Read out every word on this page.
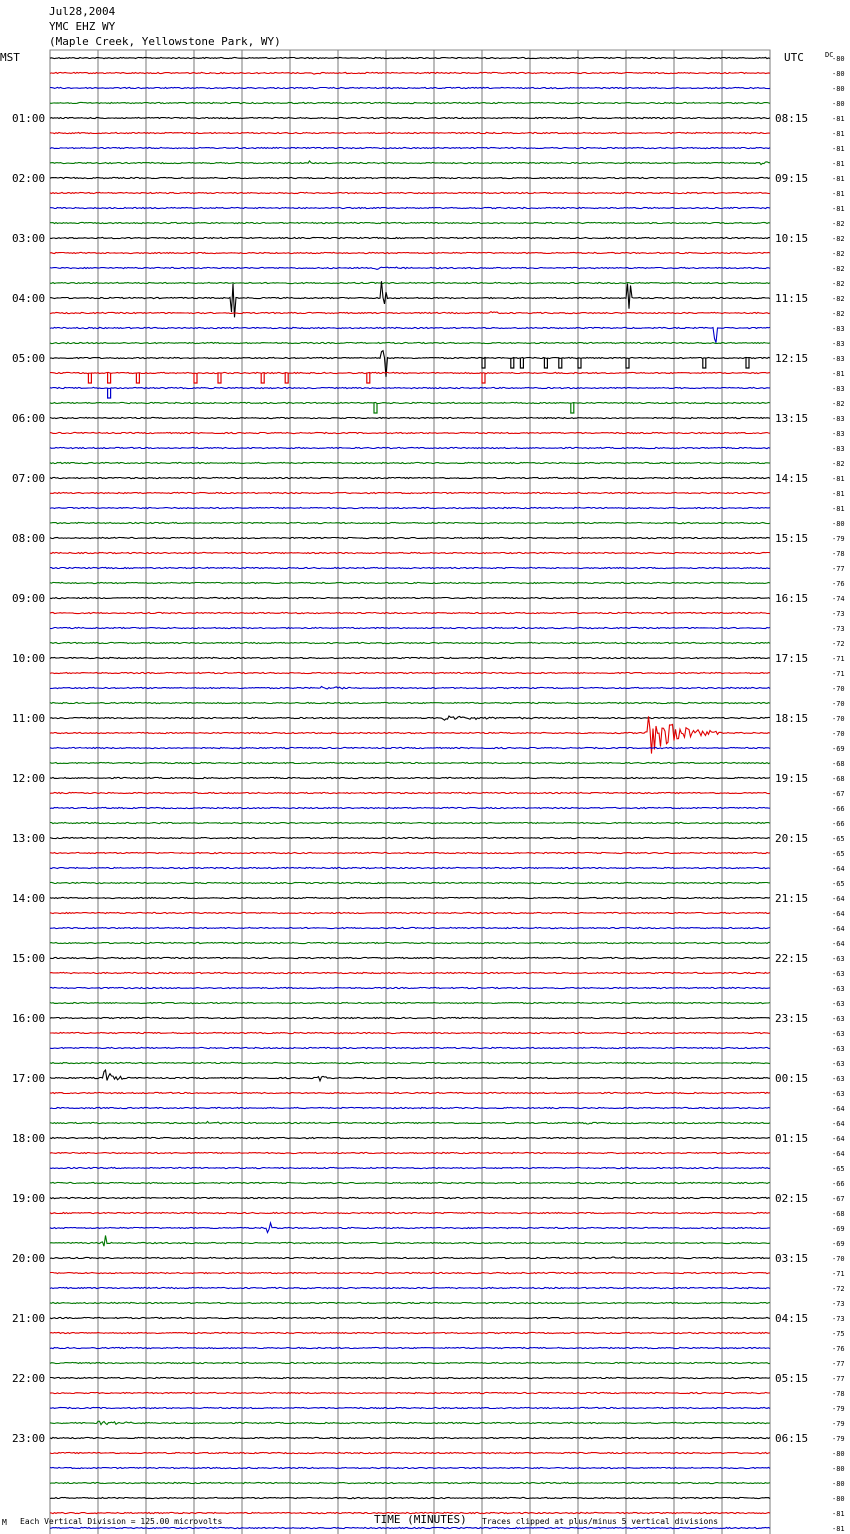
Jul28,2004
YMC EHZ WY
(Maple Creek, Yellowstone Park, WY)
MST	UTC	DC
01:00
02:00
03:00
04:00
05:00
06:00
07:00
08:00
09:00
10:00
11:00
12:00
13:00
14:00
15:00
16:00
17:00
18:00
19:00
20:00
21:00
22:00
23:00
08:15
09:15
10:15
11:15
12:15
13:15
14:15
15:15
16:15
17:15
18:15
19:15
20:15
21:15
22:15
23:15
00:15
01:15
02:15
03:15
04:15
05:15
06:15
-80
-80
-80
-80
-81
-81
-81
-81
-81
-81
-81
-82
-82
-82
-82
-82
-82
-82
-83
-83
-83
-81
-83
-82
-83
-83
-83
-82
-81
-81
-81
-80
-79
-78
-77
-76
-74
-73
-73
-72
-71
-71
-70
-70
-70
-70
-69
-68
-68
-67
-66
-66
-65
-65
-64
-65
-64
-64
-64
-64
-63
-63
-63
-63
-63
-63
-63
-63
-63
-63
-64
-64
-64
-64
-65
-66
-67
-68
-69
-69
-70
-71
-72
-73
-73
-75
-76
-77
-77
-78
-79
-79
-79
-80
-80
-80
-80
-81
-81
TIME (MINUTES)
Each Vertical Division = 125.00 microvolts	Traces clipped at plus/minus 5 vertical divisions
M
